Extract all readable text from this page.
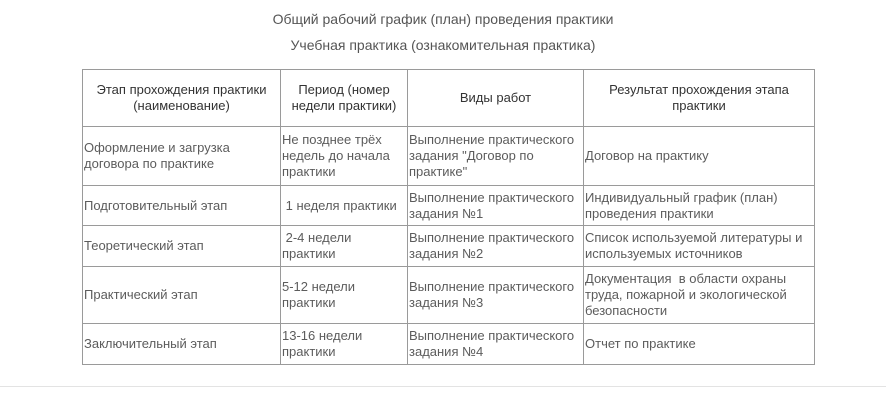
Общий рабочий график (план) проведения практики
Учебная практика (ознакомительная практика)
Этап прохождения практики (наименование)	Период (номер недели практики)	Виды работ	Результат прохождения этапа практики
Оформление и загрузка договора по практике	Не позднее трёх недель до начала практики	Выполнение практического задания "Договор по практике"	Договор на практику
Подготовительный этап	1 неделя практики	Выполнение практического задания №1	Индивидуальный график (план) проведения практики
Теоретический этап	2-4 недели практики	Выполнение практического задания №2	Список используемой литературы и используемых источников
Практический этап	5-12 недели практики	Выполнение практического задания №3	Документация  в области охраны труда, пожарной и экологической безопасности
Заключительный этап	13-16 недели практики	Выполнение практического задания №4	Отчет по практике
